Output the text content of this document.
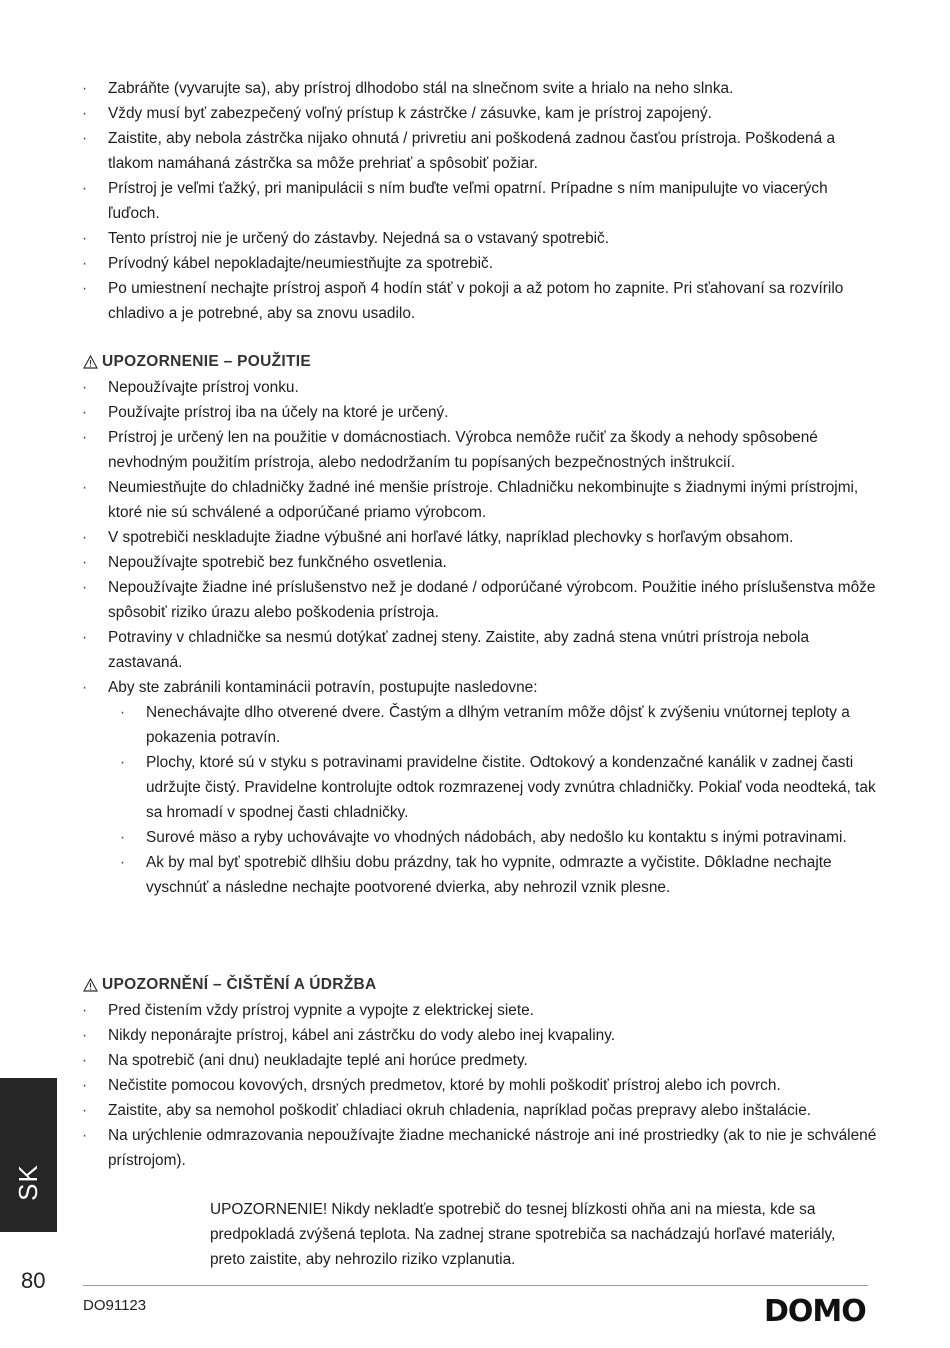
· Zabráňte (vyvarujte sa), aby prístroj dlhodobo stál na slnečnom svite a hrialo na neho slnka.
· Vždy musí byť zabezpečený voľný prístup k zástrčke / zásuvke, kam je prístroj zapojený.
· Zaistite, aby nebola zástrčka nijako ohnutá / privretiu ani poškodená zadnou časťou prístroja. Poškodená a tlakom namáhaná zástrčka sa môže prehriať a spôsobiť požiar.
· Prístroj je veľmi ťažký, pri manipulácii s ním buďte veľmi opatrní. Prípadne s ním manipulujte vo viacerých ľuďoch.
· Tento prístroj nie je určený do zástavby. Nejedná sa o vstavaný spotrebič.
· Prívodný kábel nepokladajte/neumiestňujte za spotrebič.
· Po umiestnení nechajte prístroj aspoň 4 hodín stáť v pokoji a až potom ho zapnite. Pri sťahovaní sa rozvírilo chladivo a je potrebné, aby sa znovu usadilo.
UPOZORNENIE – POUŽITIE
· Nepoužívajte prístroj vonku.
· Používajte prístroj iba na účely na ktoré je určený.
· Prístroj je určený len na použitie v domácnostiach. Výrobca nemôže ručiť za škody a nehody spôsobené nevhodným použitím prístroja, alebo nedodržaním tu popísaných bezpečnostných inštrukcií.
· Neumiestňujte do chladničky žadné iné menšie prístroje. Chladničku nekombinujte s žiadnymi inými prístrojmi, ktoré nie sú schválené a odporúčané priamo výrobcom.
· V spotrebiči neskladujte žiadne výbušné ani horľavé látky, napríklad plechovky s horľavým obsahom.
· Nepoužívajte spotrebič bez funkčného osvetlenia.
· Nepoužívajte žiadne iné príslušenstvo než je dodané / odporúčané výrobcom. Použitie iného príslušenstva môže spôsobiť riziko úrazu alebo poškodenia prístroja.
· Potraviny v chladničke sa nesmú dotýkať zadnej steny. Zaistite, aby zadná stena vnútri prístroja nebola zastavaná.
· Aby ste zabránili kontaminácii potravín, postupujte nasledovne:
· Nenechávajte dlho otverené dvere. Častým a dlhým vetraním môže dôjsť k zvýšeniu vnútornej teploty a pokazenia potravín.
· Plochy, ktoré sú v styku s potravinami pravidelne čistite. Odtokový a kondenzačné kanálik v zadnej časti udržujte čistý. Pravidelne kontrolujte odtok rozmrazenej vody zvnútra chladničky. Pokiaľ voda neodteká, tak sa hromadí v spodnej časti chladničky.
· Surové mäso a ryby uchovávajte vo vhodných nádobách, aby nedošlo ku kontaktu s inými potravinami.
· Ak by mal byť spotrebič dlhšiu dobu prázdny, tak ho vypnite, odmrazte a vyčistite. Dôkladne nechajte vyschnúť a následne nechajte pootvorené dvierka, aby nehrozil vznik plesne.
UPOZORNĚNÍ – ČIŠTĚNÍ A ÚDRŽBA
· Pred čistením vždy prístroj vypnite a vypojte z elektrickej siete.
· Nikdy neponárajte prístroj, kábel ani zástrčku do vody alebo inej kvapaliny.
· Na spotrebič (ani dnu) neukladajte teplé ani horúce predmety.
· Nečistite pomocou kovových, drsných predmetov, ktoré by mohli poškodiť prístroj alebo ich povrch.
· Zaistite, aby sa nemohol poškodiť chladiaci okruh chladenia, napríklad počas prepravy alebo inštalácie.
· Na urýchlenie odmrazovania nepoužívajte žiadne mechanické nástroje ani iné prostriedky (ak to nie je schválené prístrojom).
UPOZORNENIE! Nikdy nekladťe spotrebič do tesnej blízkosti ohňa ani na miesta, kde sa predpokladá zvýšená teplota. Na zadnej strane spotrebiča sa nachádzajú horľavé materiály, preto zaistite, aby nehrozilo riziko vzplanutia.
SK
80
DO91123	DOMO
